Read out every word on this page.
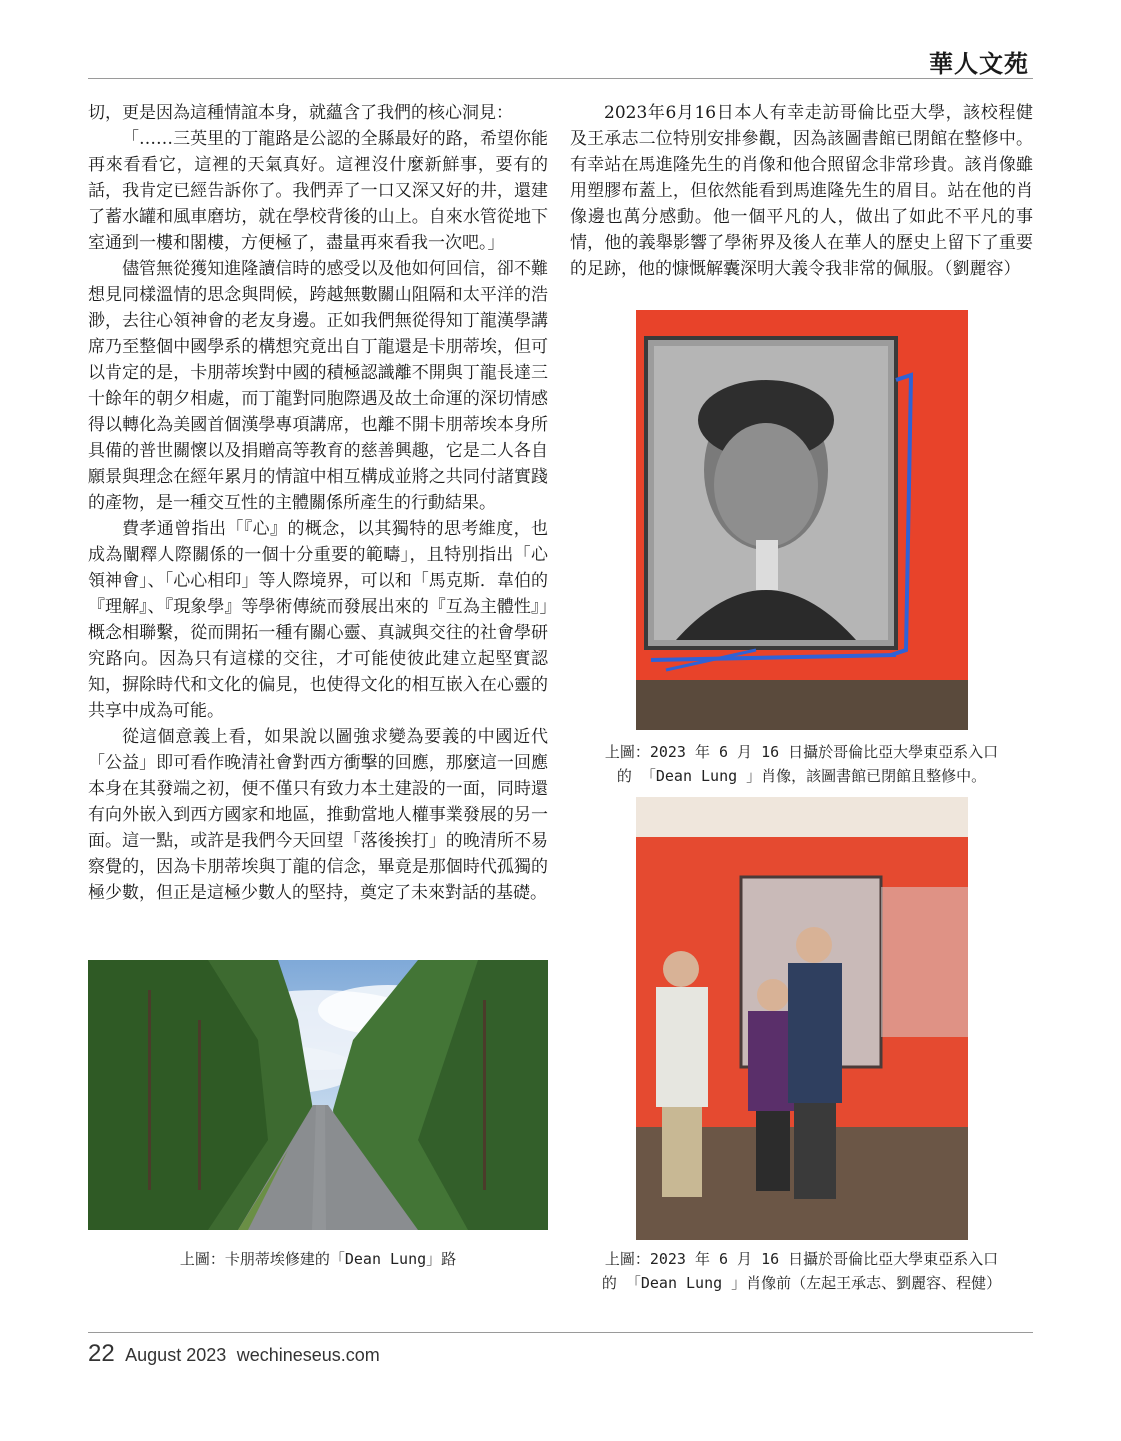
華人文苑

切，更是因為這種情誼本身，就蘊含了我們的核心洞見：

「……三英里的丁龍路是公認的全縣最好的路，希望你能再來看看它，這裡的天氣真好。這裡沒什麼新鮮事，要有的話，我肯定已經告訴你了。我們弄了一口又深又好的井，還建了蓄水罐和風車磨坊，就在學校背後的山上。自來水管從地下室通到一樓和閣樓，方便極了，盡量再來看我一次吧。」

儘管無從獲知進隆讀信時的感受以及他如何回信，卻不難想見同樣溫情的思念與問候，跨越無數關山阻隔和太平洋的浩渺，去往心領神會的老友身邊。正如我們無從得知丁龍漢學講席乃至整個中國學系的構想究竟出自丁龍還是卡朋蒂埃，但可以肯定的是，卡朋蒂埃對中國的積極認識離不開與丁龍長達三十餘年的朝夕相處，而丁龍對同胞際遇及故土命運的深切情感得以轉化為美國首個漢學專項講席，也離不開卡朋蒂埃本身所具備的普世關懷以及捐贈高等教育的慈善興趣，它是二人各自願景與理念在經年累月的情誼中相互構成並將之共同付諸實踐的產物，是一種交互性的主體關係所產生的行動結果。

費孝通曾指出「『心』的概念，以其獨特的思考維度，也成為闡釋人際關係的一個十分重要的範疇」，且特別指出「心領神會」、「心心相印」等人際境界，可以和「馬克斯．韋伯的『理解』、『現象學』等學術傳統而發展出來的『互為主體性』」概念相聯繫，從而開拓一種有關心靈、真誠與交往的社會學研究路向。因為只有這樣的交往，才可能使彼此建立起堅實認知，摒除時代和文化的偏見，也使得文化的相互嵌入在心靈的共享中成為可能。

從這個意義上看，如果說以圖強求變為要義的中國近代「公益」即可看作晚清社會對西方衝擊的回應，那麼這一回應本身在其發端之初，便不僅只有致力本土建設的一面，同時還有向外嵌入到西方國家和地區，推動當地人權事業發展的另一面。這一點，或許是我們今天回望「落後挨打」的晚清所不易察覺的，因為卡朋蒂埃與丁龍的信念，畢竟是那個時代孤獨的極少數，但正是這極少數人的堅持，奠定了未來對話的基礎。

上圖：卡朋蒂埃修建的「Dean Lung」路

2023年6月16日本人有幸走訪哥倫比亞大學，該校程健及王承志二位特別安排參觀，因為該圖書館已閉館在整修中。有幸站在馬進隆先生的肖像和他合照留念非常珍貴。該肖像雖用塑膠布蓋上，但依然能看到馬進隆先生的眉目。站在他的肖像邊也萬分感動。他一個平凡的人，做出了如此不平凡的事情，他的義舉影響了學術界及後人在華人的歷史上留下了重要的足跡，他的慷慨解囊深明大義令我非常的佩服。（劉麗容）

上圖：2023 年 6 月 16 日攝於哥倫比亞大學東亞系入口
的 「Dean Lung 」肖像，該圖書館已閉館且整修中。
上圖：2023 年 6 月 16 日攝於哥倫比亞大學東亞系入口
的 「Dean Lung 」肖像前（左起王承志、劉麗容、程健）
22 August 2023 wechineseus.com
